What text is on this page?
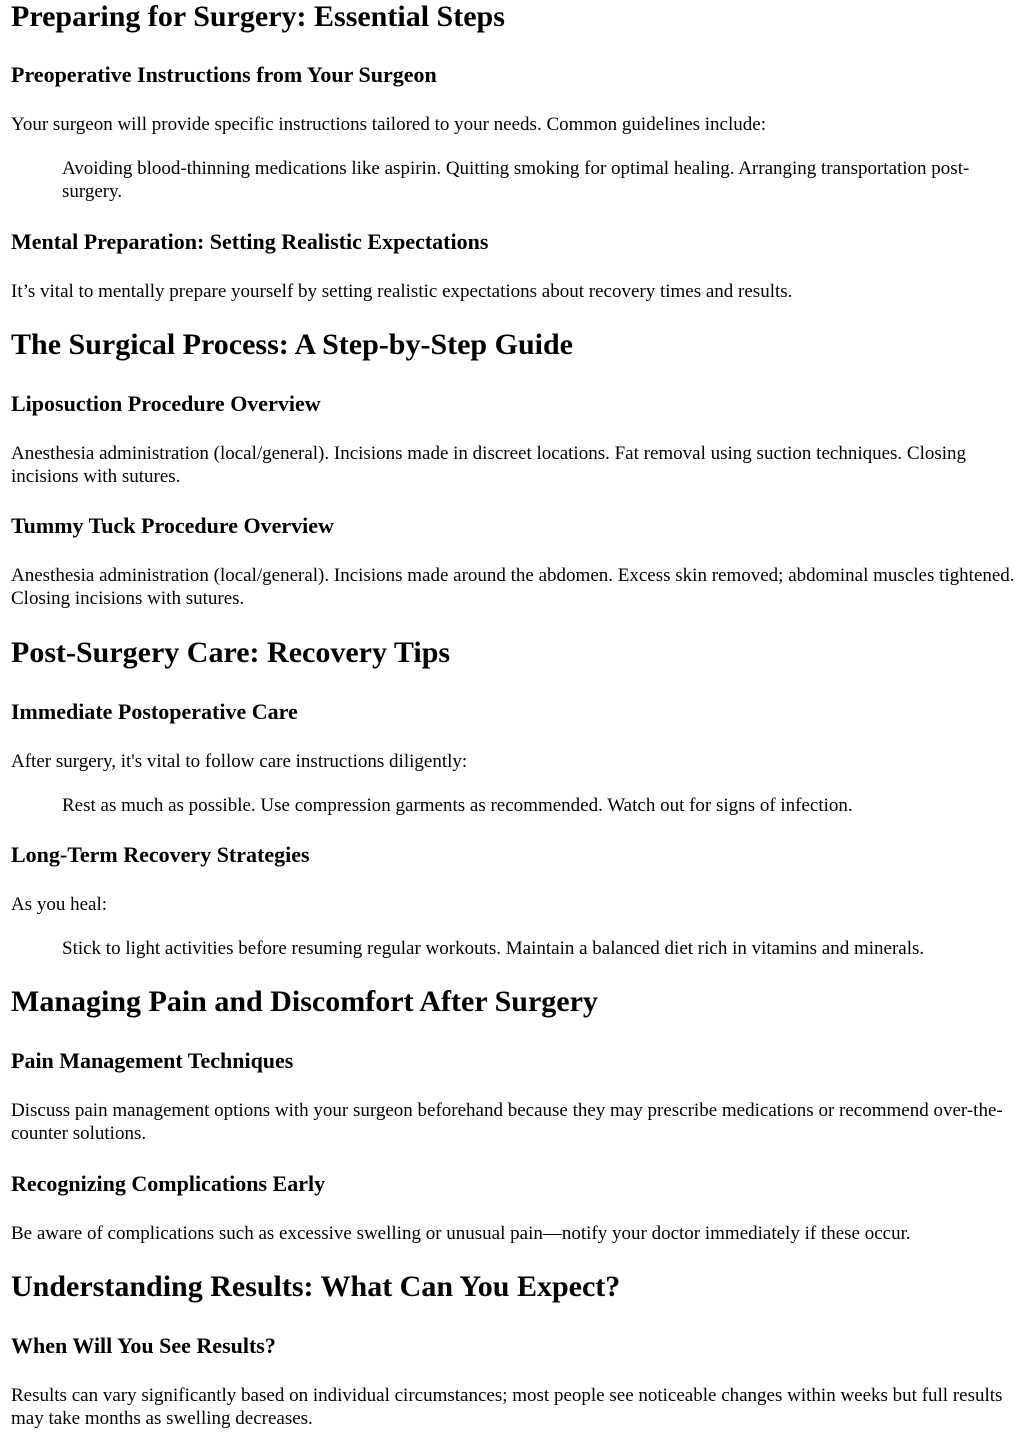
Preparing for Surgery: Essential Steps
Preoperative Instructions from Your Surgeon

Your surgeon will provide specific instructions tailored to your needs. Common guidelines include:

Avoiding blood-thinning medications like aspirin. Quitting smoking for optimal healing. Arranging transportation post-surgery.
Mental Preparation: Setting Realistic Expectations

It’s vital to mentally prepare yourself by setting realistic expectations about recovery times and results.

The Surgical Process: A Step-by-Step Guide
Liposuction Procedure Overview

Anesthesia administration (local/general). Incisions made in discreet locations. Fat removal using suction techniques. Closing incisions with sutures.

Tummy Tuck Procedure Overview

Anesthesia administration (local/general). Incisions made around the abdomen. Excess skin removed; abdominal muscles tightened. Closing incisions with sutures.

Post-Surgery Care: Recovery Tips
Immediate Postoperative Care

After surgery, it's vital to follow care instructions diligently:

Rest as much as possible. Use compression garments as recommended. Watch out for signs of infection.
Long-Term Recovery Strategies

As you heal:

Stick to light activities before resuming regular workouts. Maintain a balanced diet rich in vitamins and minerals.
Managing Pain and Discomfort After Surgery
Pain Management Techniques

Discuss pain management options with your surgeon beforehand because they may prescribe medications or recommend over-the-counter solutions.

Recognizing Complications Early

Be aware of complications such as excessive swelling or unusual pain—notify your doctor immediately if these occur.

Understanding Results: What Can You Expect?
When Will You See Results?

Results can vary significantly based on individual circumstances; most people see noticeable changes within weeks but full results may take months as swelling decreases.
